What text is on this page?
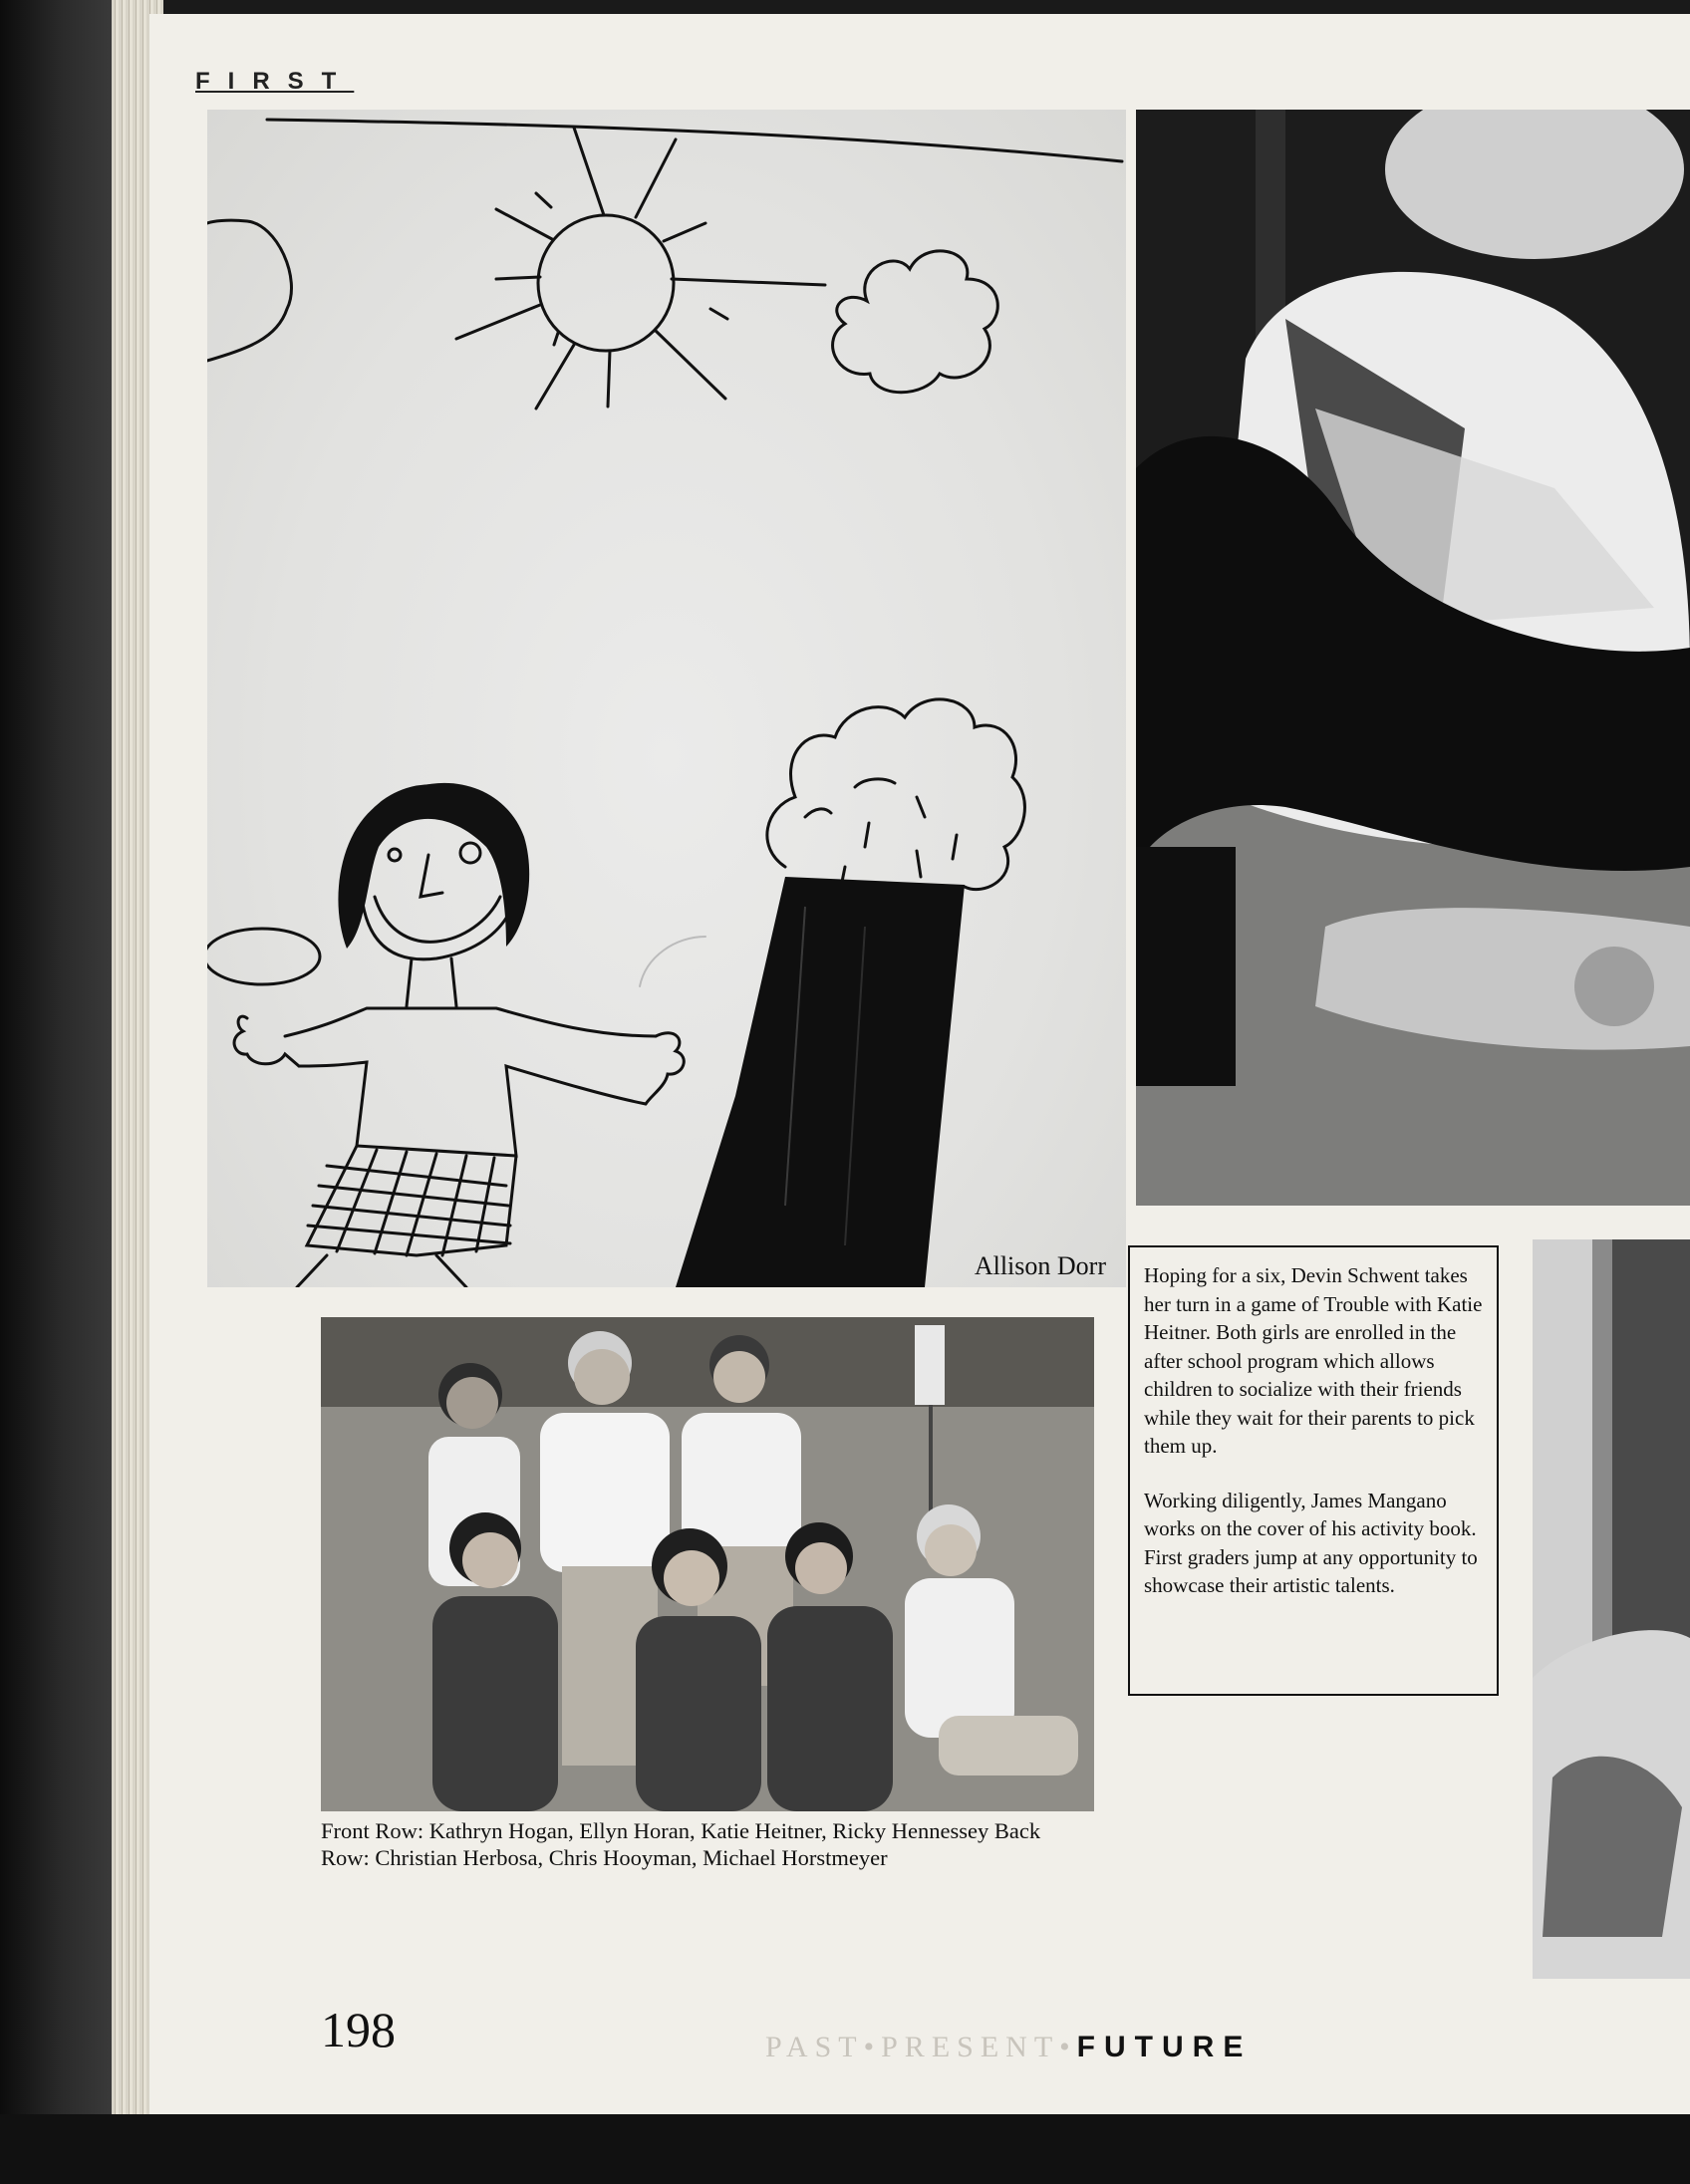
FIRST
Allison Dorr Hoping for a six, Devin Schwent takes her turn in a game of Trouble with Katie Heitner. Both girls are enrolled in the after school program which allows children to socialize with their friends while they wait for their parents to pick them up.

Working diligently, James Mangano works on the cover of his activity book. First graders jump at any opportunity to showcase their artistic talents.

Front Row: Kathryn Hogan, Ellyn Horan, Katie Heitner, Ricky Hennessey Back Row: Christian Herbosa, Chris Hooyman, Michael Horstmeyer
198	PAST•PRESENT•FUTURE
